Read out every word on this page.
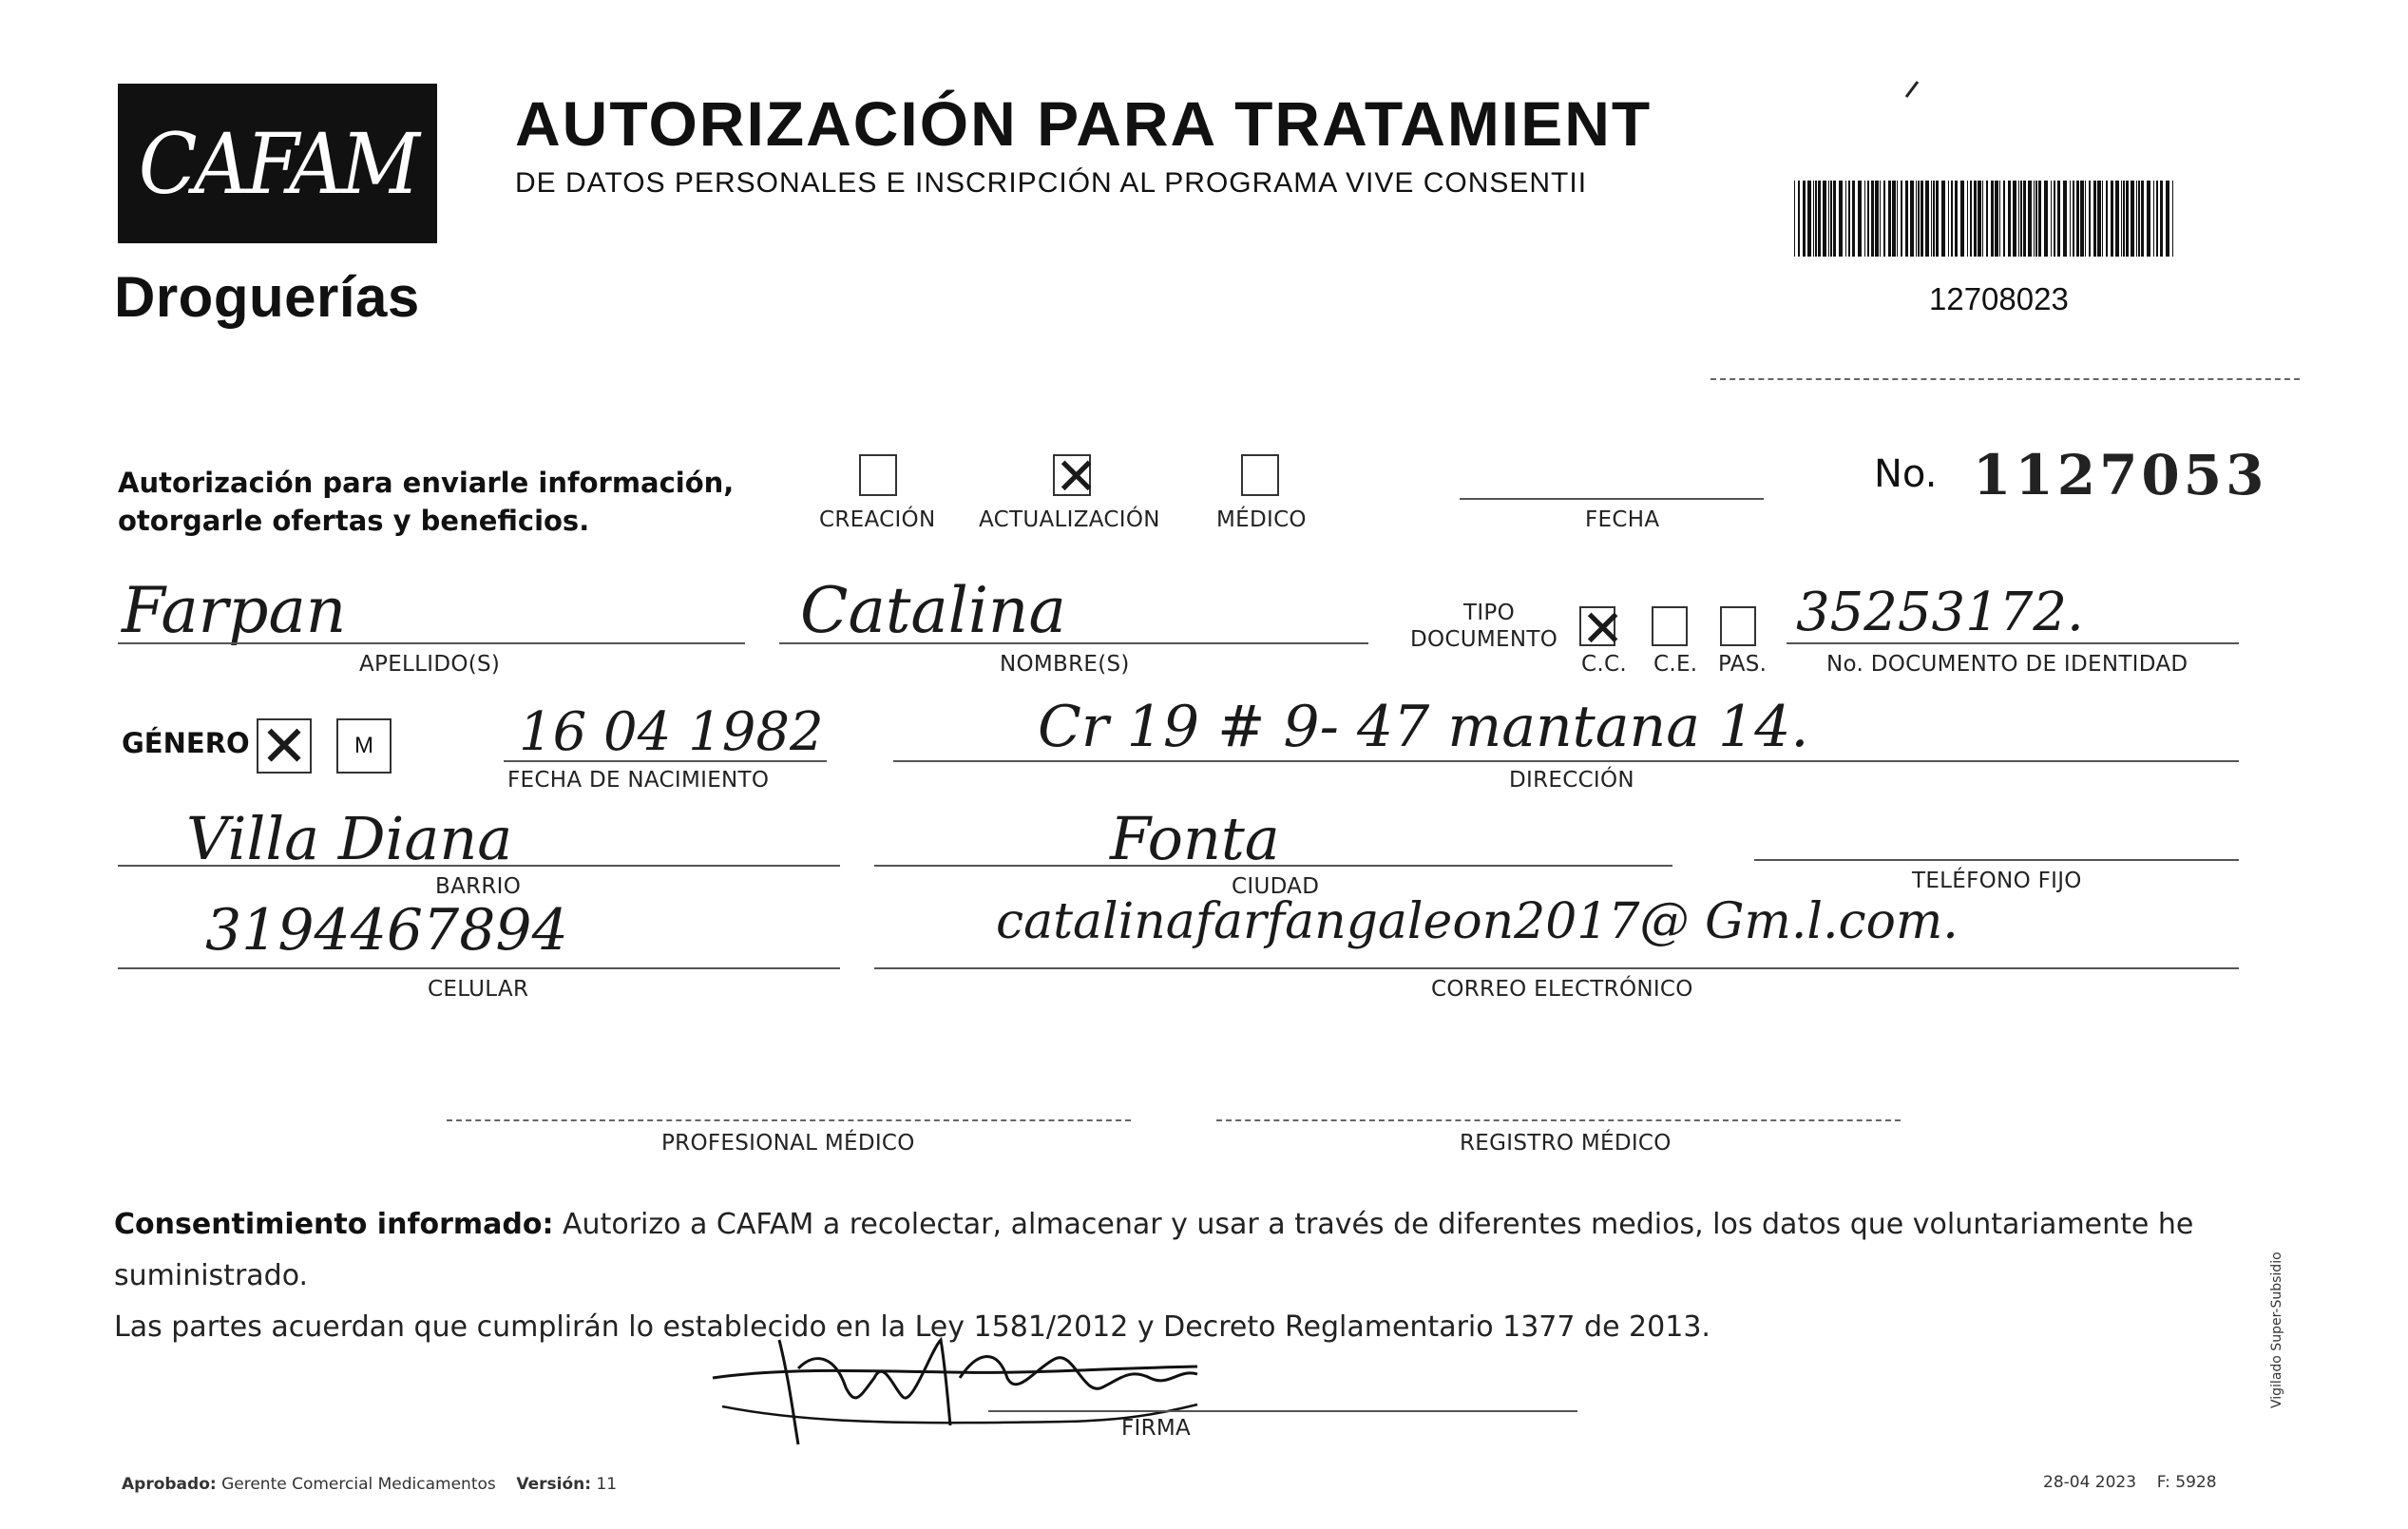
CAFAM
Droguerías
AUTORIZACIÓN PARA TRATAMIENT
DE DATOS PERSONALES E INSCRIPCIÓN AL PROGRAMA VIVE CONSENTII
12708023
Autorización para enviarle información,
otorgarle ofertas y beneficios.	CREACIÓN
✕
ACTUALIZACIÓN	MÉDICO	FECHA
No. 1127053
Farpan
APELLIDO(S)
Catalina
NOMBRE(S)
TIPO
DOCUMENTO ✕
C.C. C.E. PAS.
35253172.
No. DOCUMENTO DE IDENTIDAD
GÉNERO ✕ M	16 04 1982
FECHA DE NACIMIENTO
Cr 19 # 9- 47 mantana 14.
DIRECCIÓN
Villa Diana
BARRIO
Fonta
CIUDAD	TELÉFONO FIJO
3194467894
CELULAR
catalinafarfangaleon2017@ Gm.l.com.
CORREO ELECTRÓNICO
PROFESIONAL MÉDICO	REGISTRO MÉDICO
Consentimiento informado: Autorizo a CAFAM a recolectar, almacenar y usar a través de diferentes medios, los datos que voluntariamente he suministrado.
Las partes acuerdan que cumplirán lo establecido en la Ley 1581/2012 y Decreto Reglamentario 1377 de 2013.
FIRMA
Aprobado: Gerente Comercial Medicamentos Versión: 11	28-04 2023 F: 5928
Vigilado Super-Subsidio
